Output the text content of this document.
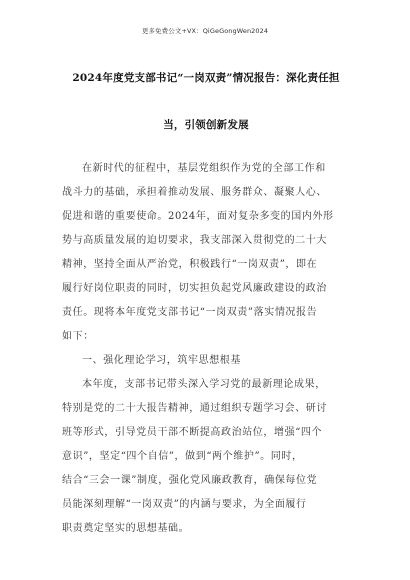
更多免费公文+VX：QiGeGongWen2024
2024年度党支部书记“一岗双责”情况报告：深化责任担
当，引领创新发展
在新时代的征程中，基层党组织作为党的全部工作和
战斗力的基础，承担着推动发展、服务群众、凝聚人心、
促进和谐的重要使命。2024年，面对复杂多变的国内外形
势与高质量发展的迫切要求，我支部深入贯彻党的二十大
精神，坚持全面从严治党，积极践行“一岗双责”，即在
履行好岗位职责的同时，切实担负起党风廉政建设的政治
责任。现将本年度党支部书记“一岗双责”落实情况报告
如下：
一、强化理论学习，筑牢思想根基
本年度，支部书记带头深入学习党的最新理论成果，
特别是党的二十大报告精神，通过组织专题学习会、研讨
班等形式，引导党员干部不断提高政治站位，增强“四个
意识”，坚定“四个自信”，做到“两个维护”。同时，
结合“三会一课”制度，强化党风廉政教育，确保每位党
员能深刻理解“一岗双责”的内涵与要求，为全面履行
职责奠定坚实的思想基础。
